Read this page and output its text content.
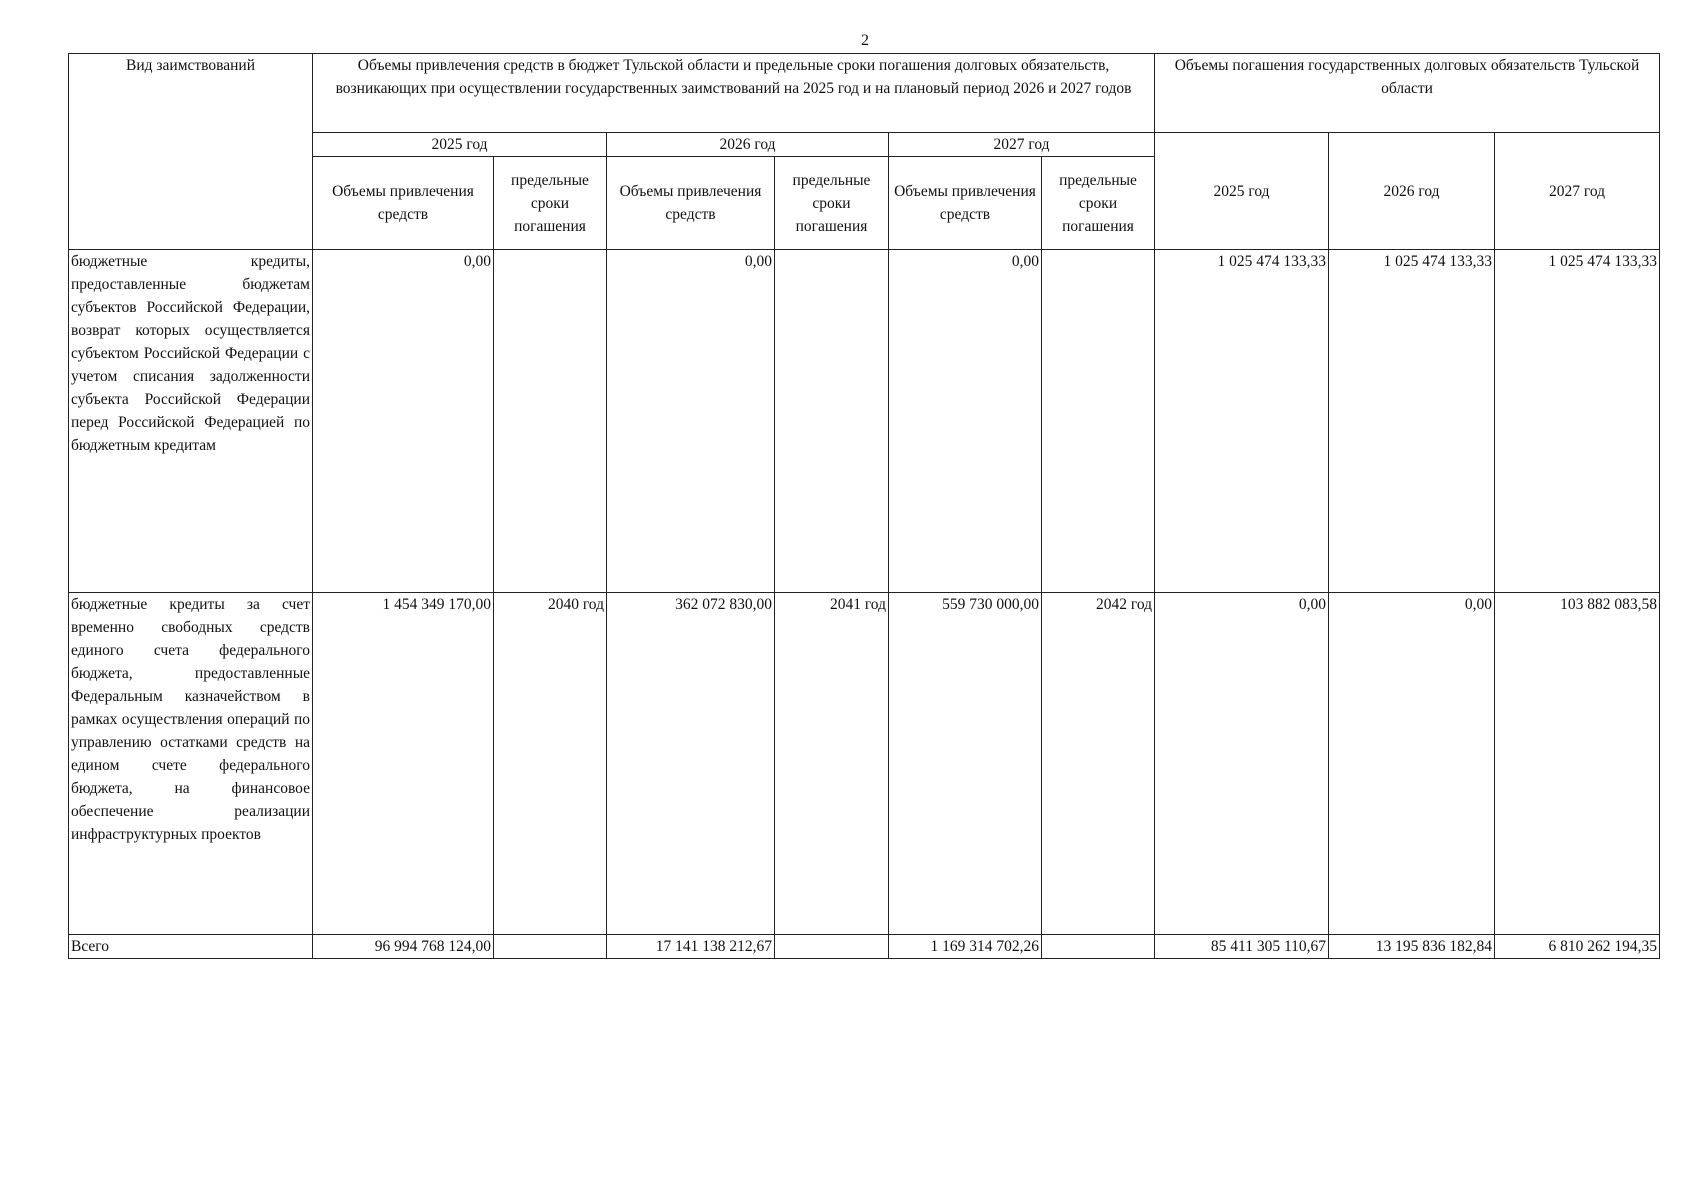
2
Вид заимствований	Объемы привлечения средств в бюджет Тульской области и предельные сроки погашения долговых обязательств, возникающих при осуществлении государственных заимствований на 2025 год и на плановый период 2026 и 2027 годов						Объемы погашения государственных долговых обязательств Тульской области		
	2025 год		2026 год		2027 год		2025 год	2026 год	2027 год
	Объемы привлечения средств	предельные сроки погашения	Объемы привлечения средств	предельные сроки погашения	Объемы привлечения средств	предельные сроки погашения			
бюджетные кредиты, предоставленные бюджетам субъектов Российской Федерации, возврат которых осуществляется субъектом Российской Федерации с учетом списания задолженности субъекта Российской Федерации перед Российской Федерацией по бюджетным кредитам	0,00		0,00		0,00		1 025 474 133,33	1 025 474 133,33	1 025 474 133,33
бюджетные кредиты за счет временно свободных средств единого счета федерального бюджета, предоставленные Федеральным казначейством в рамках осуществления операций по управлению остатками средств на едином счете федерального бюджета, на финансовое обеспечение реализации инфраструктурных проектов	1 454 349 170,00	2040 год	362 072 830,00	2041 год	559 730 000,00	2042 год	0,00	0,00	103 882 083,58
Всего	96 994 768 124,00		17 141 138 212,67		1 169 314 702,26		85 411 305 110,67	13 195 836 182,84	6 810 262 194,35
